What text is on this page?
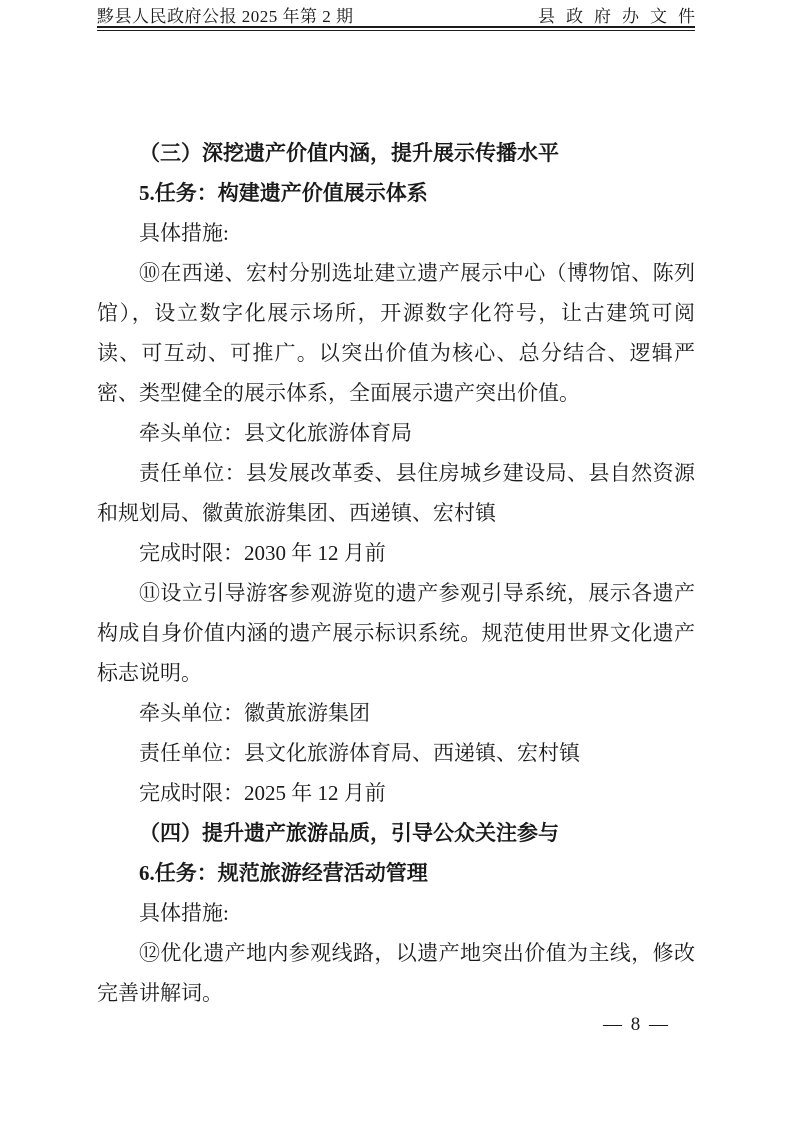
黟县人民政府公报 2025 年第 2 期	县政府办文件

（三）深挖遗产价值内涵，提升展示传播水平

5.任务：构建遗产价值展示体系

具体措施:

⑩在西递、宏村分别选址建立遗产展示中心（博物馆、陈列馆），设立数字化展示场所，开源数字化符号，让古建筑可阅读、可互动、可推广。以突出价值为核心、总分结合、逻辑严密、类型健全的展示体系，全面展示遗产突出价值。

牵头单位：县文化旅游体育局

责任单位：县发展改革委、县住房城乡建设局、县自然资源和规划局、徽黄旅游集团、西递镇、宏村镇

完成时限：2030 年 12 月前

⑪设立引导游客参观游览的遗产参观引导系统，展示各遗产构成自身价值内涵的遗产展示标识系统。规范使用世界文化遗产标志说明。

牵头单位：徽黄旅游集团

责任单位：县文化旅游体育局、西递镇、宏村镇

完成时限：2025 年 12 月前

（四）提升遗产旅游品质，引导公众关注参与

6.任务：规范旅游经营活动管理

具体措施:

⑫优化遗产地内参观线路，以遗产地突出价值为主线，修改完善讲解词。

— 8 —
